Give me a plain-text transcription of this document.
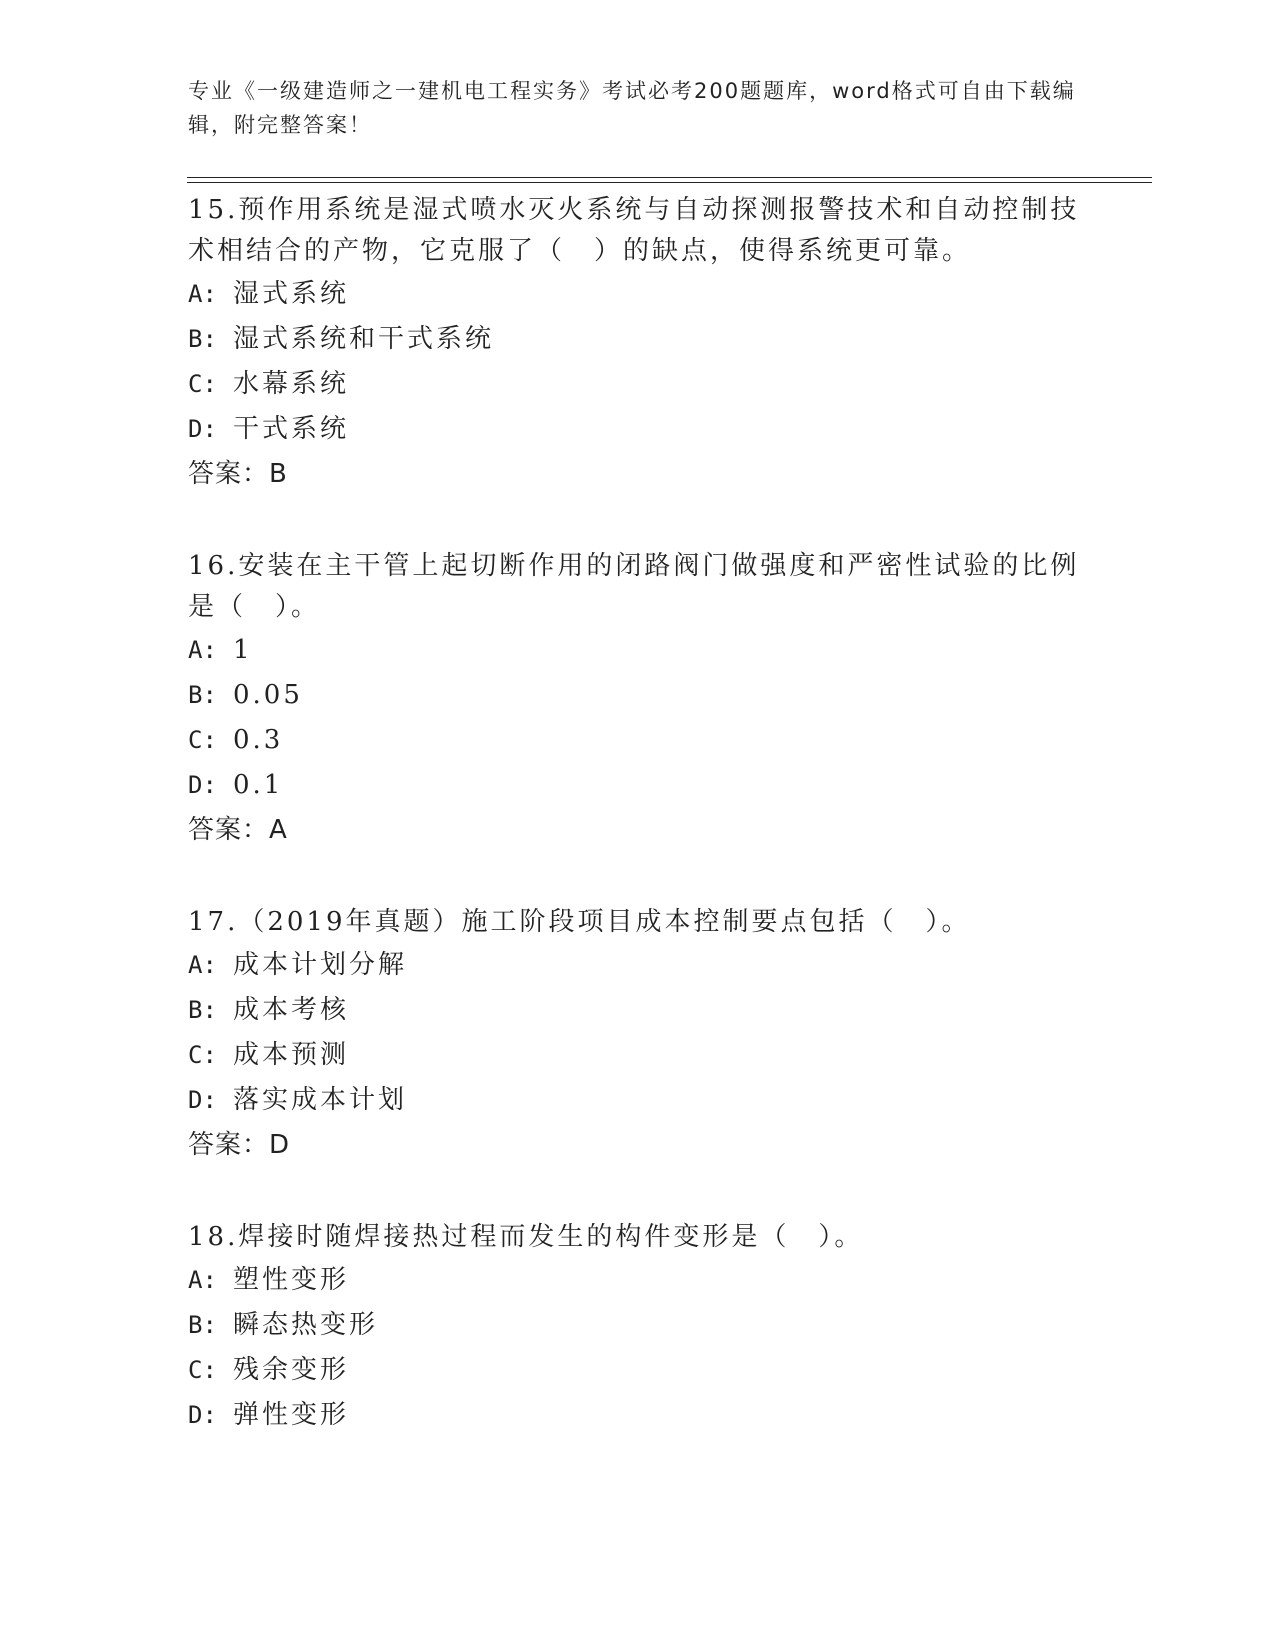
专业《一级建造师之一建机电工程实务》考试必考200题题库，word格式可自由下载编辑，附完整答案！

15.预作用系统是湿式喷水灭火系统与自动探测报警技术和自动控制技术相结合的产物，它克服了（　）的缺点，使得系统更可靠。

A: 湿式系统
B: 湿式系统和干式系统
C: 水幕系统
D: 干式系统
答案：B

16.安装在主干管上起切断作用的闭路阀门做强度和严密性试验的比例是（　）。

A: 1
B: 0.05
C: 0.3
D: 0.1
答案：A

17.（2019年真题）施工阶段项目成本控制要点包括（　）。

A: 成本计划分解
B: 成本考核
C: 成本预测
D: 落实成本计划
答案：D

18.焊接时随焊接热过程而发生的构件变形是（　）。

A: 塑性变形
B: 瞬态热变形
C: 残余变形
D: 弹性变形
